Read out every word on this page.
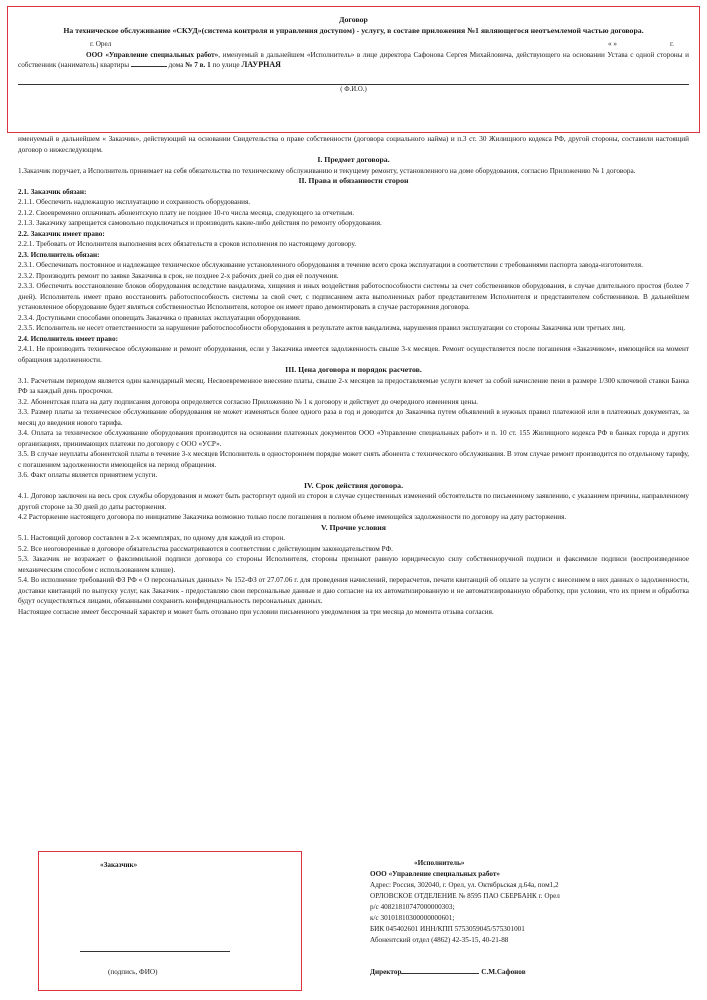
Договор

На техническое обслуживание «СКУД»(система контроля и управления доступом) - услугу, в составе приложения №1 являющегося неотъемлемой частью договора.

г. Орел	« »	г.

ООО «Управление специальных работ», именуемый в дальнейшем «Исполнитель» в лице директора Сафонова Сергея Михайловича, действующего на основании Устава с одной стороны и собственник (наниматель) квартиры	дома № 7 в. 1 по улице ЛАУРНАЯ

( Ф.И.О.)

именуемый в дальнейшем « Заказчик», действующий на основании Свидетельства о праве собственности (договора социального найма) и п.3 ст. 30 Жилищного кодекса РФ, другой стороны, составили настоящий договор о нижеследующем.

I. Предмет договора.

1.Заказчик поручает, а Исполнитель принимает на себя обязательства по техническому обслуживанию и текущему ремонту, установленного на доме оборудования, согласно Приложению № 1 договора.

II. Права и обязанности сторон

2.1. Заказчик обязан:

2.1.1. Обеспечить надлежащую эксплуатацию и сохранность оборудования.

2.1.2. Своевременно оплачивать абонентскую плату не позднее 10-го числа месяца, следующего за отчетным.

2.1.3. Заказчику запрещается самовольно подключаться и производить какие-либо действия по ремонту оборудования.

2.2. Заказчик имеет право:

2.2.1. Требовать от Исполнителя выполнения всех обязательств в сроков исполнения по настоящему договору.

2.3. Исполнитель обязан:

2.3.1. Обеспечивать постоянное и надлежащее техническое обслуживание установленного оборудования в течение всего срока эксплуатации в соответствии с требованиями паспорта завода-изготовителя.

2.3.2. Производить ремонт по заявке Заказчика в срок, не позднее 2-х рабочих дней со дня её получения.

2.3.3. Обеспечить восстановление блоков оборудования вследствие вандализма, хищения и иных воздействия работоспособности системы за счет собственников оборудования, в случае длительного простоя (более 7 дней). Исполнитель имеет право восстановить работоспособность системы за свой счет, с подписанием акта выполненных работ представителем Исполнителя и представителем собственников. В дальнейшем установленное оборудование будет являться собственностью Исполнителя, которое он имеет право демонтировать в случае расторжения договора.

2.3.4. Доступными способами оповещать Заказчика о правилах эксплуатации оборудования.

2.3.5. Исполнитель не несет ответственности за нарушение работоспособности оборудования в результате актов вандализма, нарушения правил эксплуатации со стороны Заказчика или третьих лиц.

2.4. Исполнитель имеет право:

2.4.1. Не производить техническое обслуживание и ремонт оборудования, если у Заказчика имеется задолженность свыше 3-х месяцев. Ремонт осуществляется после погашения «Заказчиком», имеющейся на момент обращения задолженности.

III. Цена договора и порядок расчетов.

3.1. Расчетным периодом является один календарный месяц. Несвоевременное внесение платы, свыше 2-х месяцев за предоставляемые услуги влечет за собой начисление пени в размере 1/300 ключевой ставки Банка РФ за каждый день просрочки.

3.2. Абонентская плата на дату подписания договора определяется согласно Приложению № 1 к договору и действует до очередного изменения цены.

3.3. Размер платы за техническое обслуживание оборудования не может изменяться более одного раза в год и доводится до Заказчика путем объявлений в нужных правил платежной или в платежных документах, за месяц до введения нового тарифа.

3.4. Оплата за техническое обслуживание оборудования производится на основании платежных документов ООО «Управление специальных работ» и п. 10 ст. 155 Жилищного кодекса РФ в банках города и других организациях, принимающих платежи по договору с ООО «УСР».

3.5. В случае неуплаты абонентской платы в течение 3-х месяцев Исполнитель в одностороннем порядке может снять абонента с технического обслуживания. В этом случае ремонт производится по отдельному тарифу, с погашением задолженности имеющейся на период обращения.

3.6. Факт оплаты является принятием услуги.

IV. Срок действия договора.

4.1. Договор заключен на весь срок службы оборудования и может быть расторгнут одной из сторон в случае существенных изменений обстоятельств по письменному заявлению, с указанием причины, направленному другой стороне за 30 дней до даты расторжения.

4.2 Расторжение настоящего договора по инициативе Заказчика возможно только после погашения в полном объеме имеющейся задолженности по договору на дату расторжения.

V. Прочие условия

5.1. Настоящий договор составлен в 2-х экземплярах, по одному для каждой из сторон.

5.2. Все неоговоренные в договоре обязательства рассматриваются в соответствии с действующим законодательством РФ.

5.3. Заказчик не возражает о факсимильной подписи договора со стороны Исполнителя, стороны признают равную юридическую силу собственноручной подписи и факсимиле подписи (воспроизведенное механическим способом с использованием клише).

5.4. Во исполнение требований ФЗ РФ « О персональных данных» № 152-ФЗ от 27.07.06 г. для проведения начислений, перерасчетов, печати квитанций об оплате за услуги с внесением в них данных о задолженности, доставки квитанций по выпуску услуг, как Заказчик - предоставляю свои персональные данные и даю согласие на их автоматизированную и не автоматизированную обработку, при условии, что их прием и обработка будут осуществляться лицами, обязанными сохранить конфиденциальность персональных данных.

Настоящее согласие имеет бессрочный характер и может быть отозвано при условии письменного уведомления за три месяца до момента отзыва согласия.

«Заказчик»
(подпись, ФИО)

«Исполнитель»

ООО «Управление специальных работ»

Адрес: Россия, 302040, г. Орел, ул. Октябрьская д.64а, пом1,2

ОРЛОВСКОЕ ОТДЕЛЕНИЕ № 8595 ПАО СБЕРБАНК г. Орел

р/с 40821810747000000303;

к/с 30101810300000000601;

БИК 045402601 ИНН/КПП 5753059045/575301001

Абонентский отдел (4862) 42-35-15, 40-21-88

Директор	С.М.Сафонов
